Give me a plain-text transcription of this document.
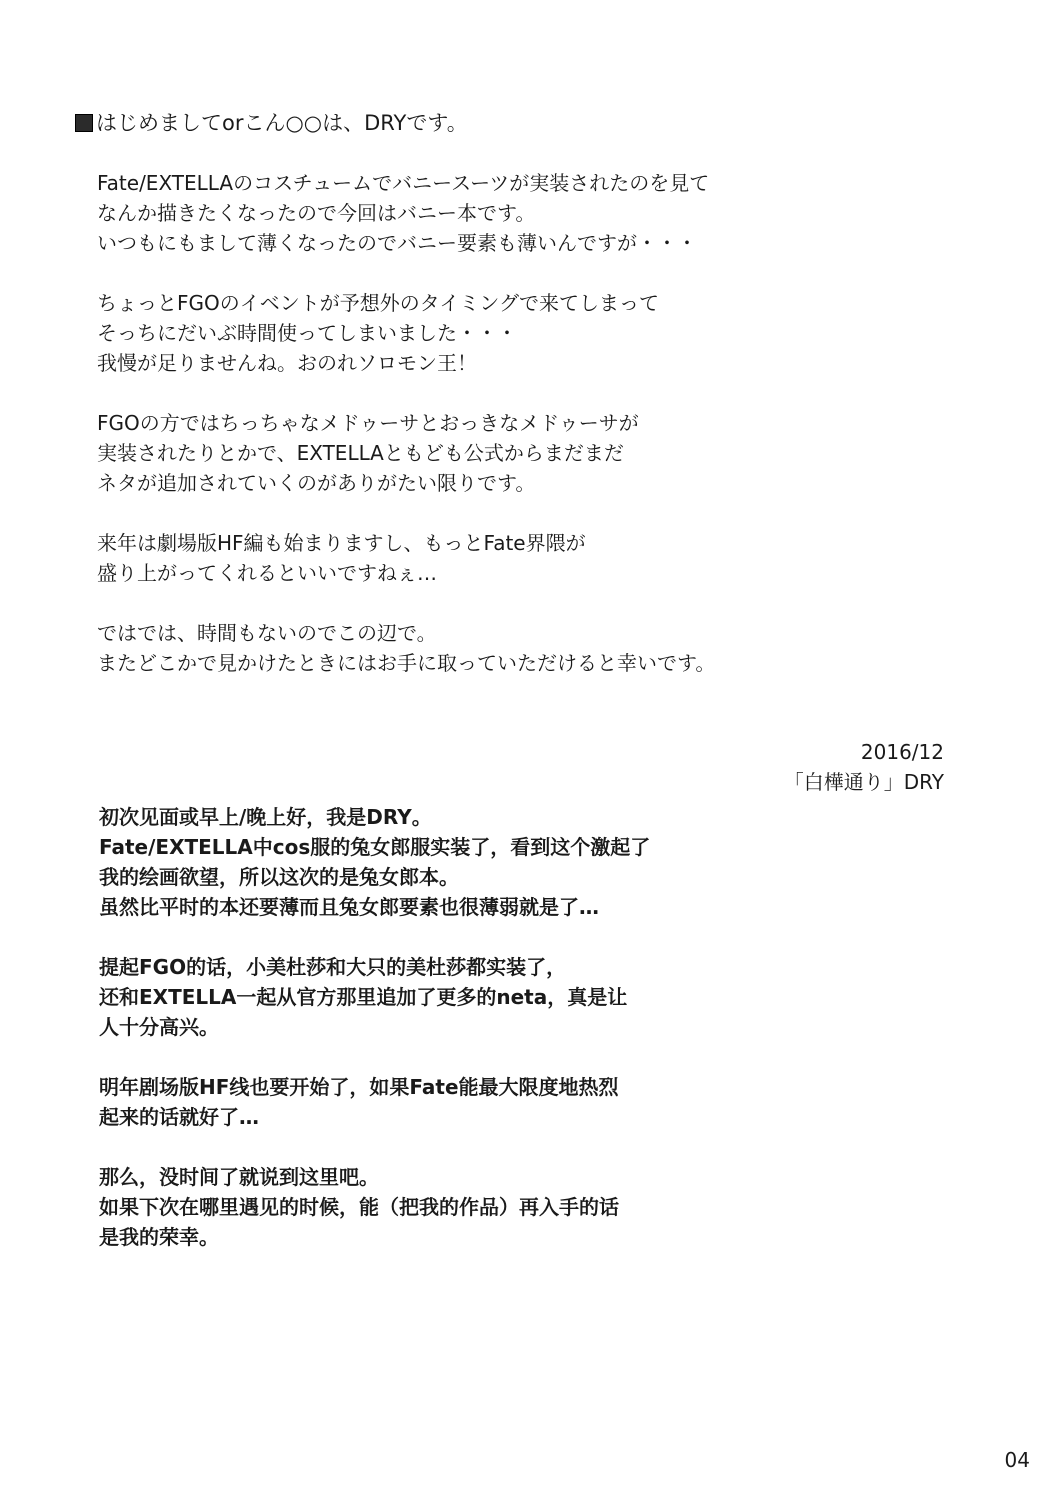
はじめましてorこん○○は、DRYです。
Fate/EXTELLAのコスチュームでバニースーツが実装されたのを見て
なんか描きたくなったので今回はバニー本です。
いつもにもまして薄くなったのでバニー要素も薄いんですが・・・
ちょっとFGOのイベントが予想外のタイミングで来てしまって
そっちにだいぶ時間使ってしまいました・・・
我慢が足りませんね。おのれソロモン王！
FGOの方ではちっちゃなメドゥーサとおっきなメドゥーサが
実装されたりとかで、EXTELLAともども公式からまだまだ
ネタが追加されていくのがありがたい限りです。
来年は劇場版HF編も始まりますし、もっとFate界隈が
盛り上がってくれるといいですねぇ…
ではでは、時間もないのでこの辺で。
またどこかで見かけたときにはお手に取っていただけると幸いです。
2016/12
「白樺通り」DRY
初次见面或早上/晚上好，我是DRY。
Fate/EXTELLA中cos服的兔女郎服实装了，看到这个激起了
我的绘画欲望，所以这次的是兔女郎本。
虽然比平时的本还要薄而且兔女郎要素也很薄弱就是了…
提起FGO的话，小美杜莎和大只的美杜莎都实装了，
还和EXTELLA一起从官方那里追加了更多的neta，真是让
人十分高兴。
明年剧场版HF线也要开始了，如果Fate能最大限度地热烈
起来的话就好了…
那么，没时间了就说到这里吧。
如果下次在哪里遇见的时候，能（把我的作品）再入手的话
是我的荣幸。
04
